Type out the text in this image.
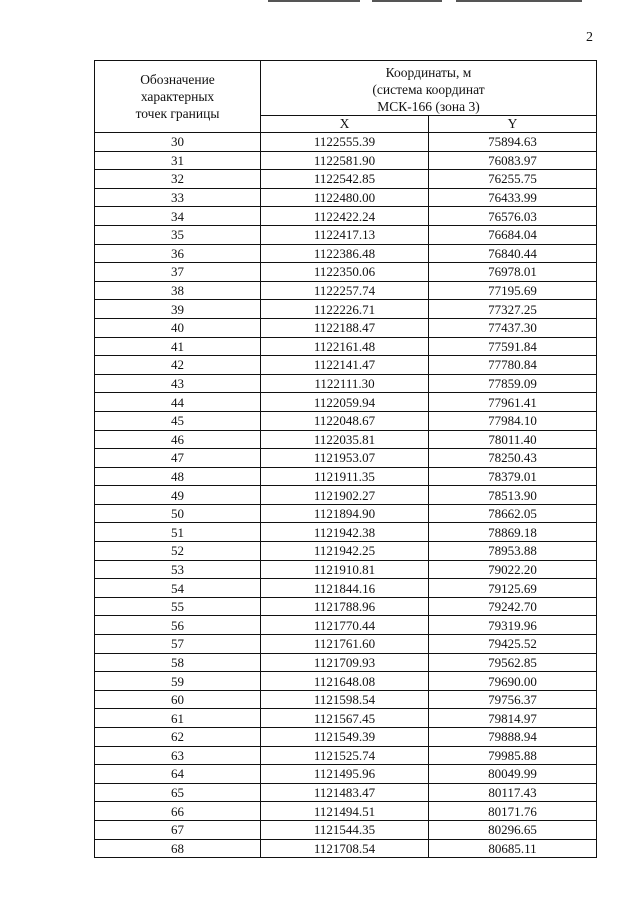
2
Обозначение
характерных
точек границы	Координаты, м
(система координат
МСК-166 (зона 3)	

	X	Y
30	1122555.39	75894.63
31	1122581.90	76083.97
32	1122542.85	76255.75
33	1122480.00	76433.99
34	1122422.24	76576.03
35	1122417.13	76684.04
36	1122386.48	76840.44
37	1122350.06	76978.01
38	1122257.74	77195.69
39	1122226.71	77327.25
40	1122188.47	77437.30
41	1122161.48	77591.84
42	1122141.47	77780.84
43	1122111.30	77859.09
44	1122059.94	77961.41
45	1122048.67	77984.10
46	1122035.81	78011.40
47	1121953.07	78250.43
48	1121911.35	78379.01
49	1121902.27	78513.90
50	1121894.90	78662.05
51	1121942.38	78869.18
52	1121942.25	78953.88
53	1121910.81	79022.20
54	1121844.16	79125.69
55	1121788.96	79242.70
56	1121770.44	79319.96
57	1121761.60	79425.52
58	1121709.93	79562.85
59	1121648.08	79690.00
60	1121598.54	79756.37
61	1121567.45	79814.97
62	1121549.39	79888.94
63	1121525.74	79985.88
64	1121495.96	80049.99
65	1121483.47	80117.43
66	1121494.51	80171.76
67	1121544.35	80296.65
68	1121708.54	80685.11
